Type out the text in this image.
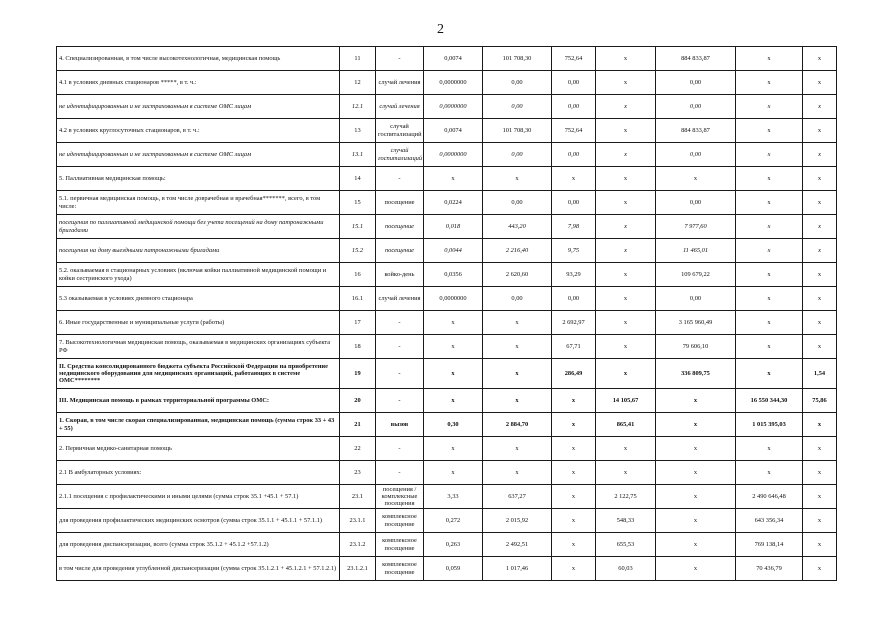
2
4. Специализированная, в том числе высокотехнологичная, медицинская помощь	11	-	0,0074	101 708,30	752,64	x	884 833,87	x	x
4.1 в условиях дневных стационаров *****, в т. ч.:	12	случай лечения	0,0000000	0,00	0,00	x	0,00	x	x
не идентифицированным и не застрахованным в системе ОМС лицам	12.1	случай лечения	0,0000000	0,00	0,00	x	0,00	x	x
4.2 в условиях круглосуточных стационаров, в т. ч.:	13	случай госпитализаций	0,0074	101 708,30	752,64	x	884 833,87	x	x
не идентифицированным и не застрахованным в системе ОМС лицам	13.1	случай госпитализаций	0,0000000	0,00	0,00	x	0,00	x	x
5. Паллиативная медицинская помощь:	14	-	x	x	x	x	x	x	x
5.1. первичная медицинская помощь, в том числе доврачебная и врачебная*******, всего, в том числе:	15	посещение	0,0224	0,00	0,00	x	0,00	x	x
посещения по паллиативной медицинской помощи без учета посещений на дому патронажными бригадами	15.1	посещение	0,018	443,20	7,98	x	7 977,60	x	x
посещения на дому выездными патронажными бригадами	15.2	посещение	0,0044	2 216,40	9,75	x	11 465,01	x	x
5.2. оказываемая в стационарных условиях (включая койки паллиативной медицинской помощи и койки сестринского ухода)	16	койко-день	0,0356	2 620,60	93,29	x	109 679,22	x	x
5.3 оказываемая в условиях дневного стационара	16.1	случай лечения	0,0000000	0,00	0,00	x	0,00	x	x
6. Иные государственные и муниципальные услуги (работы)	17	-	x	x	2 692,97	x	3 165 960,49	x	x
7. Высокотехнологичная медицинская помощь, оказываемая в медицинских организациях субъекта РФ	18	-	x	x	67,71	x	79 606,10	x	x
II. Средства консолидированного бюджета субъекта Российской Федерации на приобретение медицинского оборудования для медицинских организаций, работающих в системе ОМС********	19	-	x	x	286,49	x	336 809,75	x	1,54
III. Медицинская помощь в рамках территориальной программы ОМС:	20	-	x	x	x	14 105,67	x	16 550 344,30	75,86
1. Скорая, в том числе скорая специализированная, медицинская помощь (сумма строк 33 + 43 + 55)	21	вызов	0,30	2 884,70	x	865,41	x	1 015 395,03	x
2. Первичная медико-санитарная помощь	22	-	x	x	x	x	x	x	x
2.1 В амбулаторных условиях:	23	-	x	x	x	x	x	x	x
2.1.1 посещения с профилактическими и иными целями (сумма строк 35.1 +45.1 + 57.1)	23.1	посещения / комплексные посещения	3,33	637,27	x	2 122,75	x	2 490 646,48	x
для проведения профилактических медицинских осмотров (сумма строк 35.1.1 + 45.1.1 + 57.1.1)	23.1.1	комплексное посещение	0,272	2 015,92	x	548,33	x	643 356,34	x
для проведения диспансеризации, всего (сумма строк 35.1.2 + 45.1.2 +57.1.2)	23.1.2	комплексное посещение	0,263	2 492,51	x	655,53	x	769 138,14	x
в том числе для проведения углубленной диспансеризации (сумма строк 35.1.2.1 + 45.1.2.1 + 57.1.2.1)	23.1.2.1	комплексное посещение	0,059	1 017,46	x	60,03	x	70 436,79	x
